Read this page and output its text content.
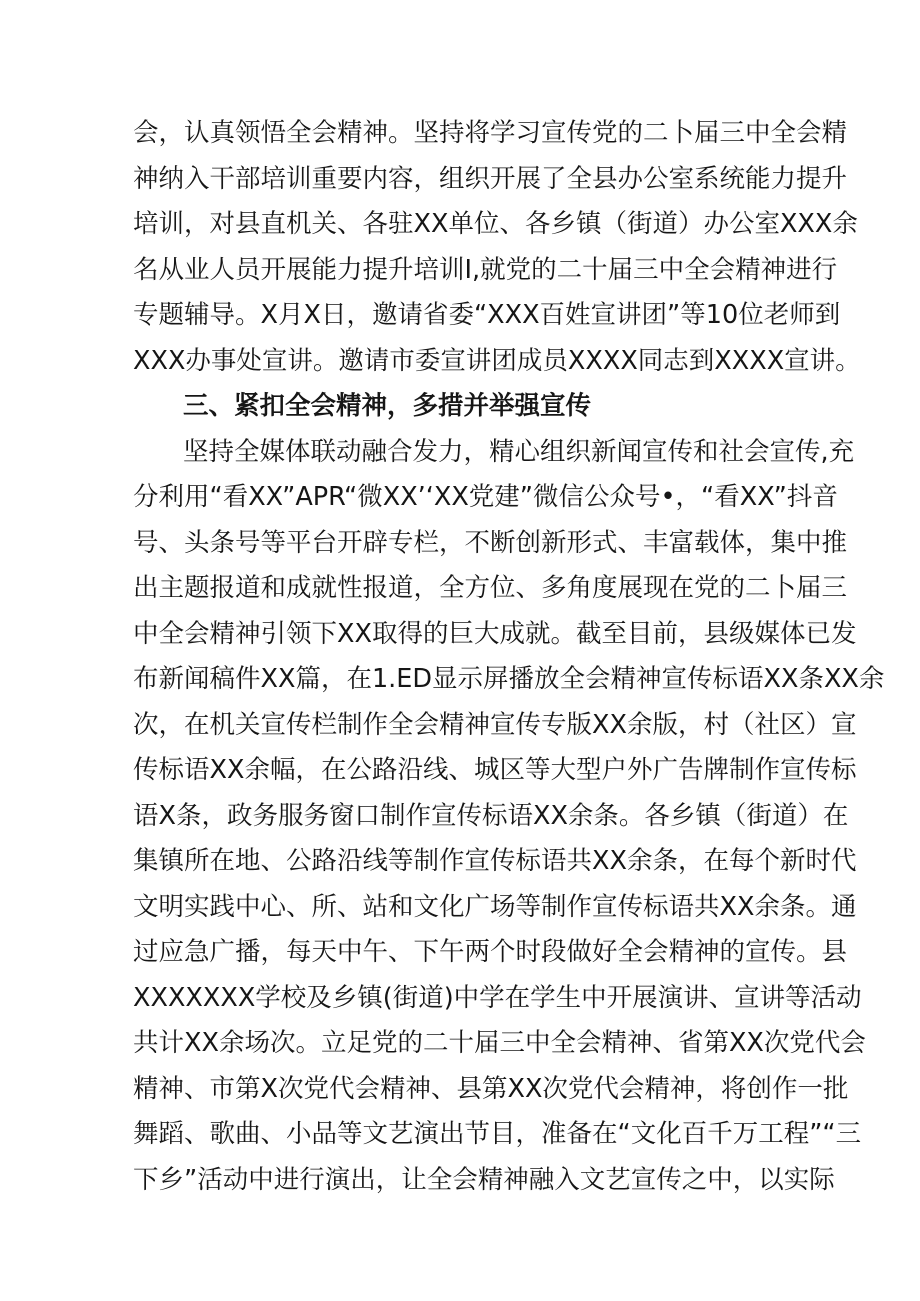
会，认真领悟全会精神。坚持将学习宣传党的二卜届三中全会精
神纳入干部培训重要内容，组织开展了全县办公室系统能力提升
培训，对县直机关、各驻XX单位、各乡镇（街道）办公室XXX余
名从业人员开展能力提升培训I,就党的二十届三中全会精神进行
专题辅导。X月X日，邀请省委“XXX百姓宣讲团”等10位老师到
XXX办事处宣讲。邀请市委宣讲团成员XXXX同志到XXXX宣讲。
三、紧扣全会精神，多措并举强宣传
坚持全媒体联动融合发力，精心组织新闻宣传和社会宣传,充
分利用“看XX”APR“微XX’‘XX党建”微信公众号•，“看XX”抖音
号、头条号等平台开辟专栏，不断创新形式、丰富载体，集中推
出主题报道和成就性报道，全方位、多角度展现在党的二卜届三
中全会精神引领下XX取得的巨大成就。截至目前，县级媒体已发
布新闻稿件XX篇，在1.ED显示屏播放全会精神宣传标语XX条XX余
次，在机关宣传栏制作全会精神宣传专版XX余版，村（社区）宣
传标语XX余幅，在公路沿线、城区等大型户外广告牌制作宣传标
语X条，政务服务窗口制作宣传标语XX余条。各乡镇（街道）在
集镇所在地、公路沿线等制作宣传标语共XX余条，在每个新时代
文明实践中心、所、站和文化广场等制作宣传标语共XX余条。通
过应急广播，每天中午、下午两个时段做好全会精神的宣传。县
XXXXXXX学校及乡镇(街道)中学在学生中开展演讲、宣讲等活动
共计XX余场次。立足党的二十届三中全会精神、省第XX次党代会
精神、市第X次党代会精神、县第XX次党代会精神，将创作一批
舞蹈、歌曲、小品等文艺演出节目，准备在“文化百千万工程”“三
下乡”活动中进行演出，让全会精神融入文艺宣传之中，以实际
